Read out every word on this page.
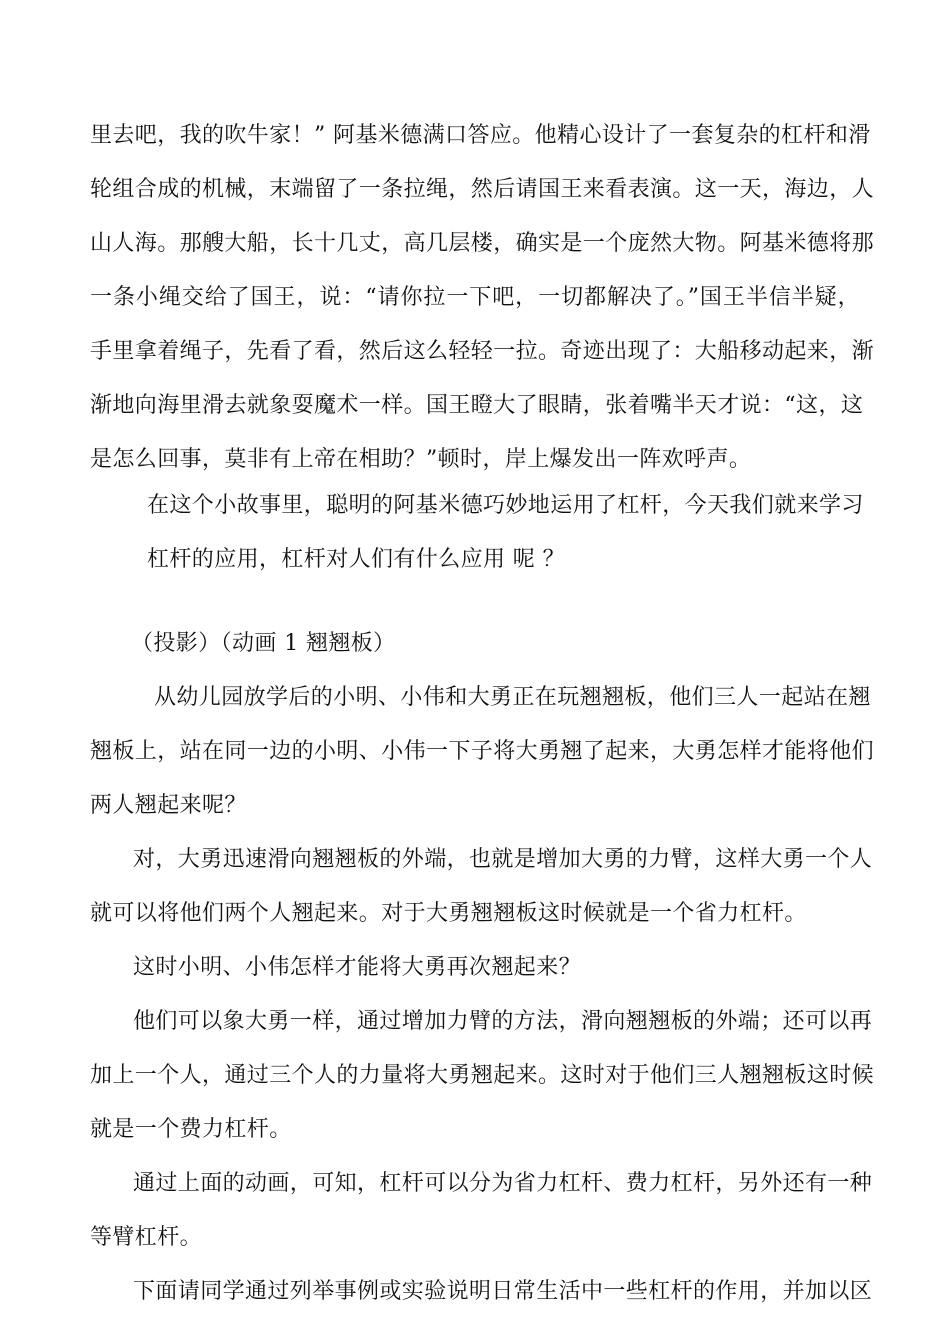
里去吧，我的吹牛家！” 阿基米德满口答应。他精心设计了一套复杂的杠杆和滑
轮组合成的机械，末端留了一条拉绳，然后请国王来看表演。这一天，海边，人
山人海。那艘大船，长十几丈，高几层楼，确实是一个庞然大物。阿基米德将那
一条小绳交给了国王，说：“请你拉一下吧，一切都解决了。”国王半信半疑，
手里拿着绳子，先看了看，然后这么轻轻一拉。奇迹出现了：大船移动起来，渐
渐地向海里滑去就象耍魔术一样。国王瞪大了眼睛，张着嘴半天才说：“这，这
是怎么回事，莫非有上帝在相助？”顿时，岸上爆发出一阵欢呼声。
在这个小故事里，聪明的阿基米德巧妙地运用了杠杆，今天我们就来学习
杠杆的应用，杠杆对人们有什么应用 呢 ？
（投影）（动画 1 翘翘板）
从幼儿园放学后的小明、小伟和大勇正在玩翘翘板，他们三人一起站在翘
翘板上，站在同一边的小明、小伟一下子将大勇翘了起来，大勇怎样才能将他们
两人翘起来呢？
对，大勇迅速滑向翘翘板的外端，也就是增加大勇的力臂，这样大勇一个人
就可以将他们两个人翘起来。对于大勇翘翘板这时候就是一个省力杠杆。
这时小明、小伟怎样才能将大勇再次翘起来？
他们可以象大勇一样，通过增加力臂的方法，滑向翘翘板的外端；还可以再
加上一个人，通过三个人的力量将大勇翘起来。这时对于他们三人翘翘板这时候
就是一个费力杠杆。
通过上面的动画，可知，杠杆可以分为省力杠杆、费力杠杆，另外还有一种
等臂杠杆。
下面请同学通过列举事例或实验说明日常生活中一些杠杆的作用，并加以区
